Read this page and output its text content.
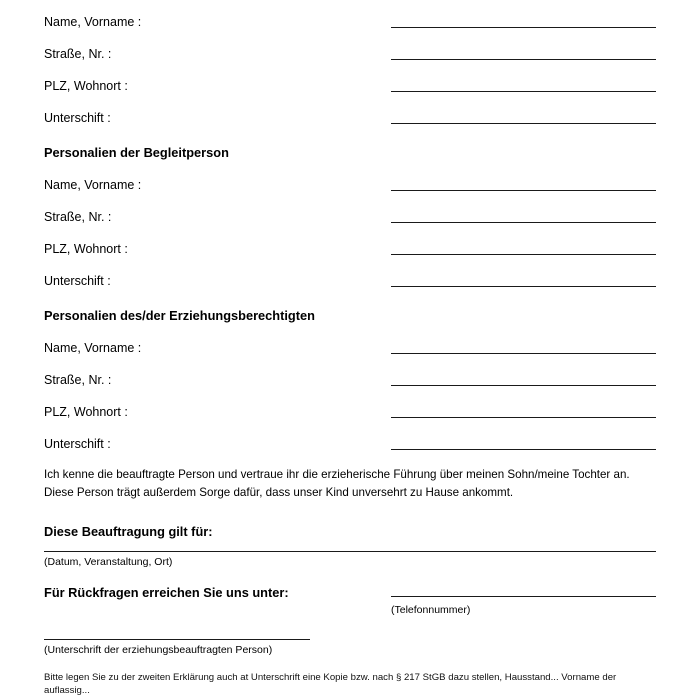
Name, Vorname :
Straße, Nr. :
PLZ, Wohnort :
Unterschift :
Personalien der Begleitperson
Name, Vorname :
Straße, Nr. :
PLZ, Wohnort :
Unterschift :
Personalien des/der Erziehungsberechtigten
Name, Vorname :
Straße, Nr. :
PLZ, Wohnort :
Unterschift :

Ich kenne die beauftragte Person und vertraue ihr die erzieherische Führung über meinen Sohn/meine Tochter an.

Diese Person trägt außerdem Sorge dafür, dass unser Kind unversehrt zu Hause ankommt.

Diese Beauftragung gilt für:
(Datum, Veranstaltung, Ort)
Für Rückfragen erreichen Sie uns unter:
(Telefonnummer)
(Unterschrift der erziehungsbeauftragten Person)
Bitte legen Sie zu der zweiten Erklärung auch at Unterschrift eine Kopie bzw. nach § 217 StGB dazu stellen, Hausstand... Vorname der auflassig...
